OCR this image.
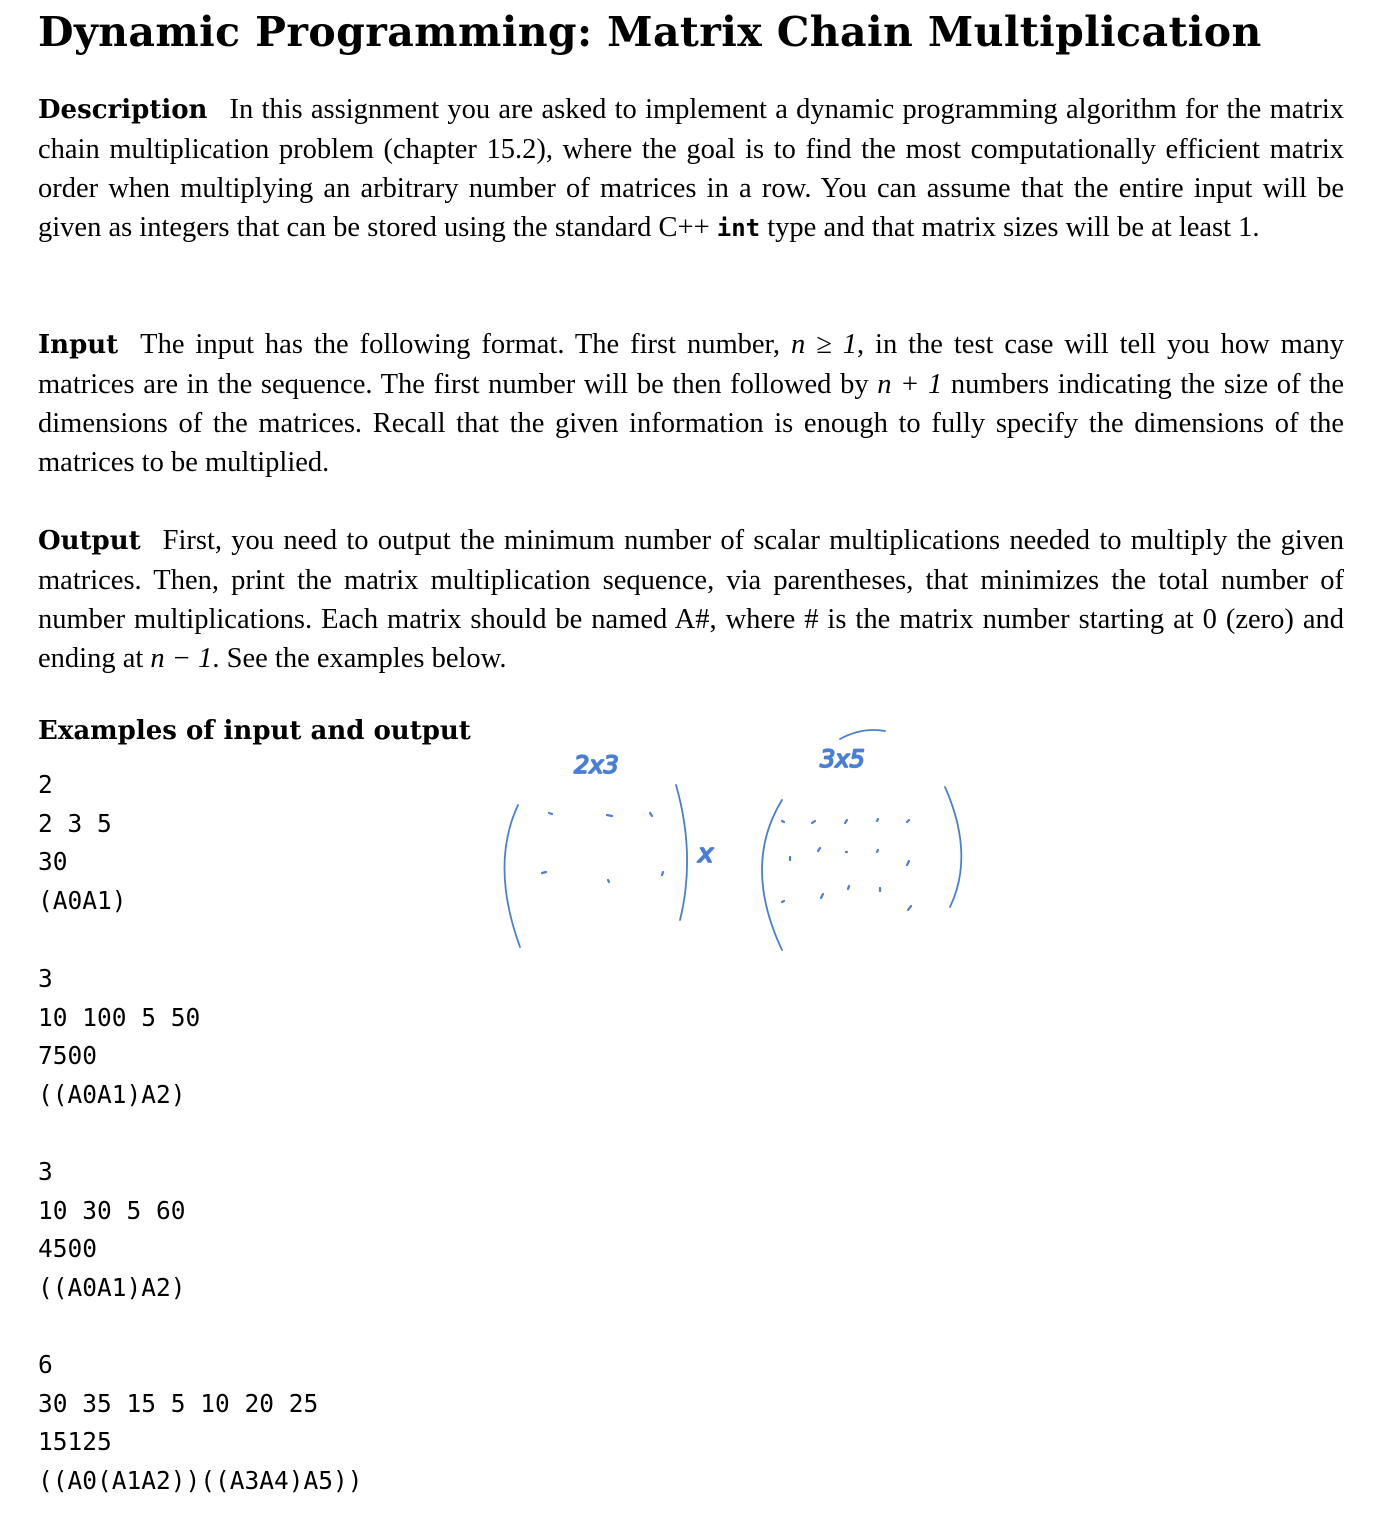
Dynamic Programming: Matrix Chain Multiplication

Description In this assignment you are asked to implement a dynamic programming algorithm for the matrix chain multiplication problem (chapter 15.2), where the goal is to find the most computationally efficient matrix order when multiplying an arbitrary number of matrices in a row. You can assume that the entire input will be given as integers that can be stored using the standard C++ int type and that matrix sizes will be at least 1.

Input The input has the following format. The first number, n ≥ 1, in the test case will tell you how many matrices are in the sequence. The first number will be then followed by n + 1 numbers indicating the size of the dimensions of the matrices. Recall that the given information is enough to fully specify the dimensions of the matrices to be multiplied.

Output First, you need to output the minimum number of scalar multiplications needed to multiply the given matrices. Then, print the matrix multiplication sequence, via parentheses, that minimizes the total number of number multiplications. Each matrix should be named A#, where # is the matrix number starting at 0 (zero) and ending at n − 1. See the examples below.

Examples of input and output
2
2 3 5
30
(A0A1)
3
10 100 5 50
7500
((A0A1)A2)
3
10 30 5 60
4500
((A0A1)A2)
6
30 35 15 5 10 20 25
15125
((A0(A1A2))((A3A4)A5))
2x3	3x5
x
